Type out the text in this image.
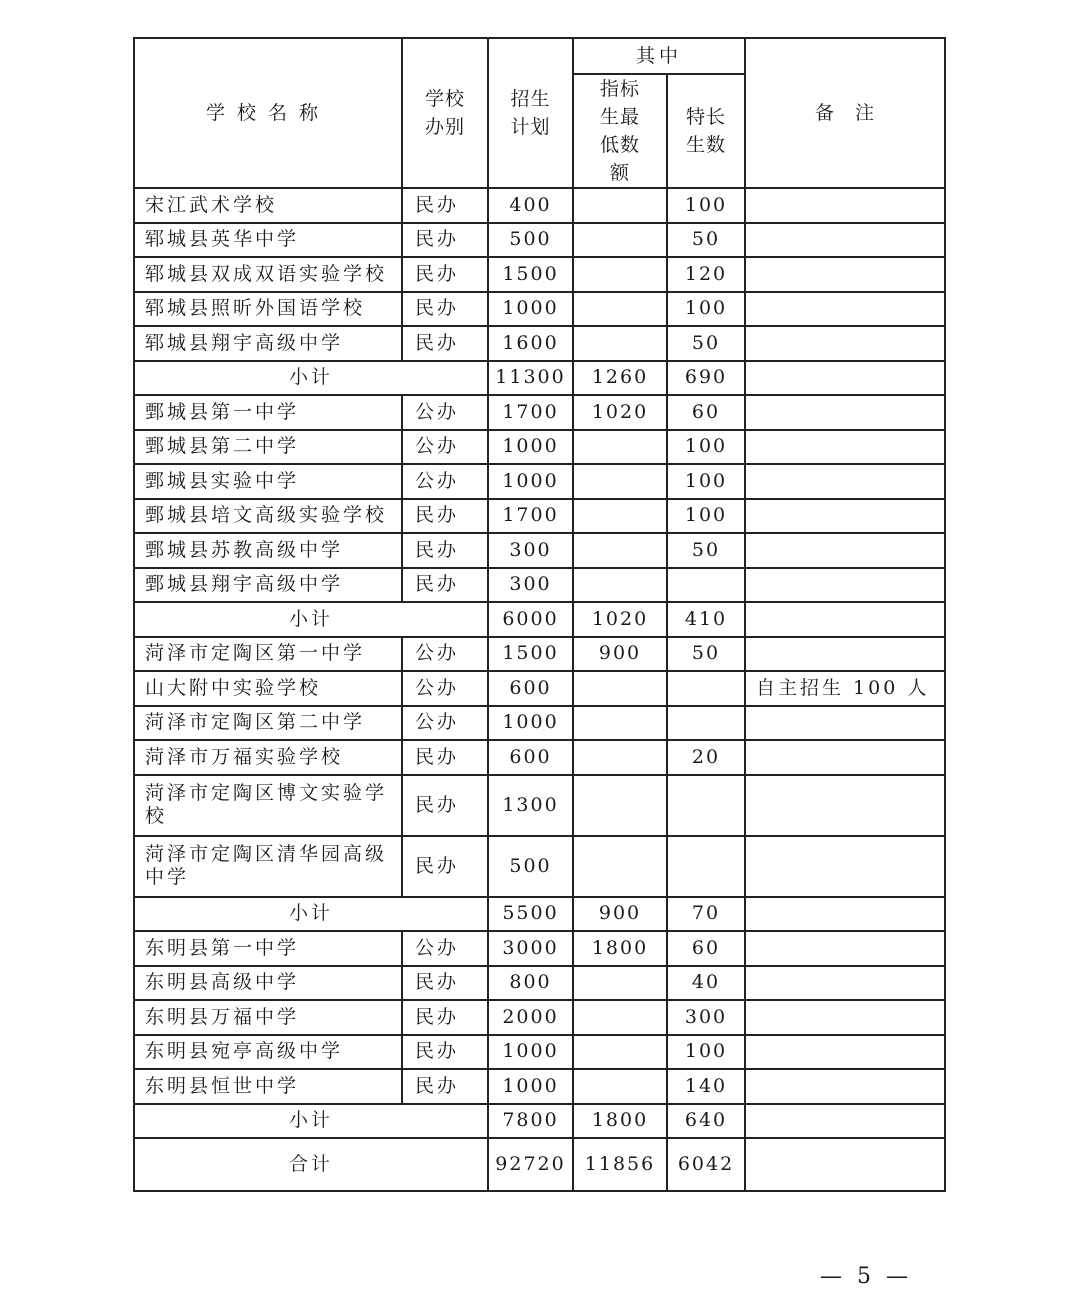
学校名称	学校办别	招生计划	其中		备　注
			指标生最低数额	特长生数	
宋江武术学校	民办	400		100	
郓城县英华中学	民办	500		50	
郓城县双成双语实验学校	民办	1500		120	
郓城县照昕外国语学校	民办	1000		100	
郓城县翔宇高级中学	民办	1600		50	
小计		11300	1260	690	
鄄城县第一中学	公办	1700	1020	60	
鄄城县第二中学	公办	1000		100	
鄄城县实验中学	公办	1000		100	
鄄城县培文高级实验学校	民办	1700		100	
鄄城县苏教高级中学	民办	300		50	
鄄城县翔宇高级中学	民办	300			
小计		6000	1020	410	
菏泽市定陶区第一中学	公办	1500	900	50	
山大附中实验学校	公办	600			自主招生 100 人
菏泽市定陶区第二中学	公办	1000			
菏泽市万福实验学校	民办	600		20	
菏泽市定陶区博文实验学校	民办	1300			
菏泽市定陶区清华园高级中学	民办	500			
小计		5500	900	70	
东明县第一中学	公办	3000	1800	60	
东明县高级中学	民办	800		40	
东明县万福中学	民办	2000		300	
东明县宛亭高级中学	民办	1000		100	
东明县恒世中学	民办	1000		140	
小计		7800	1800	640	
合计		92720	11856	6042	
— 5 —
